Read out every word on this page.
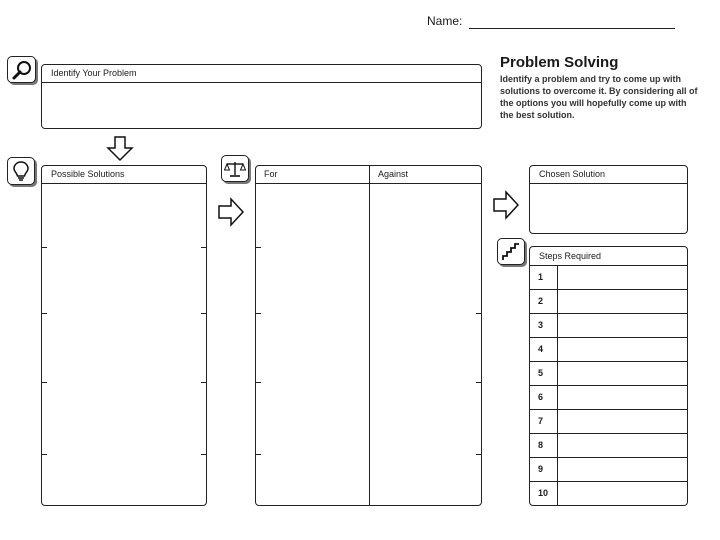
Name:
Identify Your Problem
Problem Solving
Identify a problem and try to come up with solutions to overcome it. By considering all of the options you will hopefully come up with the best solution.
Possible Solutions	For	Against	Chosen Solution
Steps Required
1
2
3
4
5
6
7
8
9
10
